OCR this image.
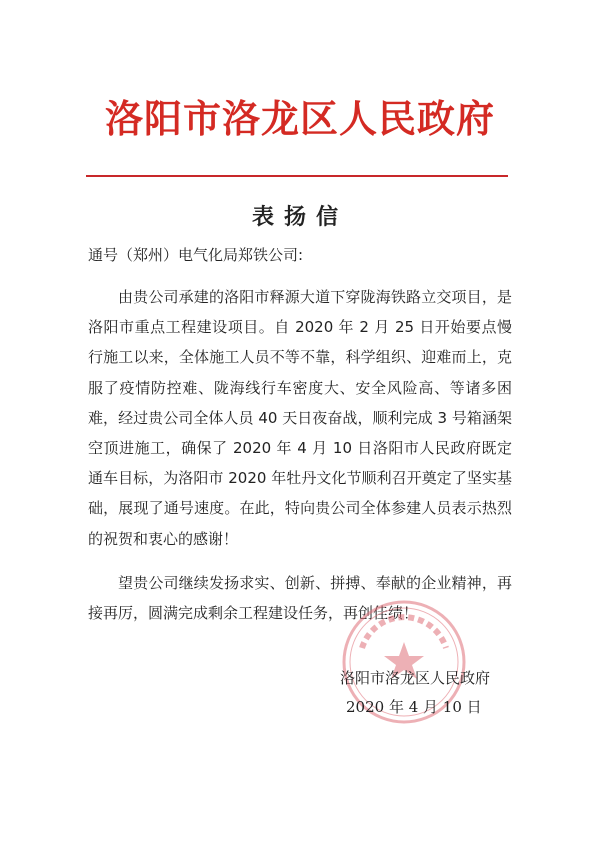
洛阳市洛龙区人民政府
表扬信
通号（郑州）电气化局郑铁公司:

由贵公司承建的洛阳市释源大道下穿陇海铁路立交项目，是洛阳市重点工程建设项目。自 2020 年 2 月 25 日开始要点慢行施工以来，全体施工人员不等不靠，科学组织、迎难而上，克服了疫情防控难、陇海线行车密度大、安全风险高、等诸多困难，经过贵公司全体人员 40 天日夜奋战，顺利完成 3 号箱涵架空顶进施工，确保了 2020 年 4 月 10 日洛阳市人民政府既定通车目标，为洛阳市 2020 年牡丹文化节顺利召开奠定了坚实基础，展现了通号速度。在此，特向贵公司全体参建人员表示热烈的祝贺和衷心的感谢！

望贵公司继续发扬求实、创新、拼搏、奉献的企业精神，再接再厉，圆满完成剩余工程建设任务，再创佳绩！

洛阳市洛龙区人民政府
2020 年 4 月 10 日
